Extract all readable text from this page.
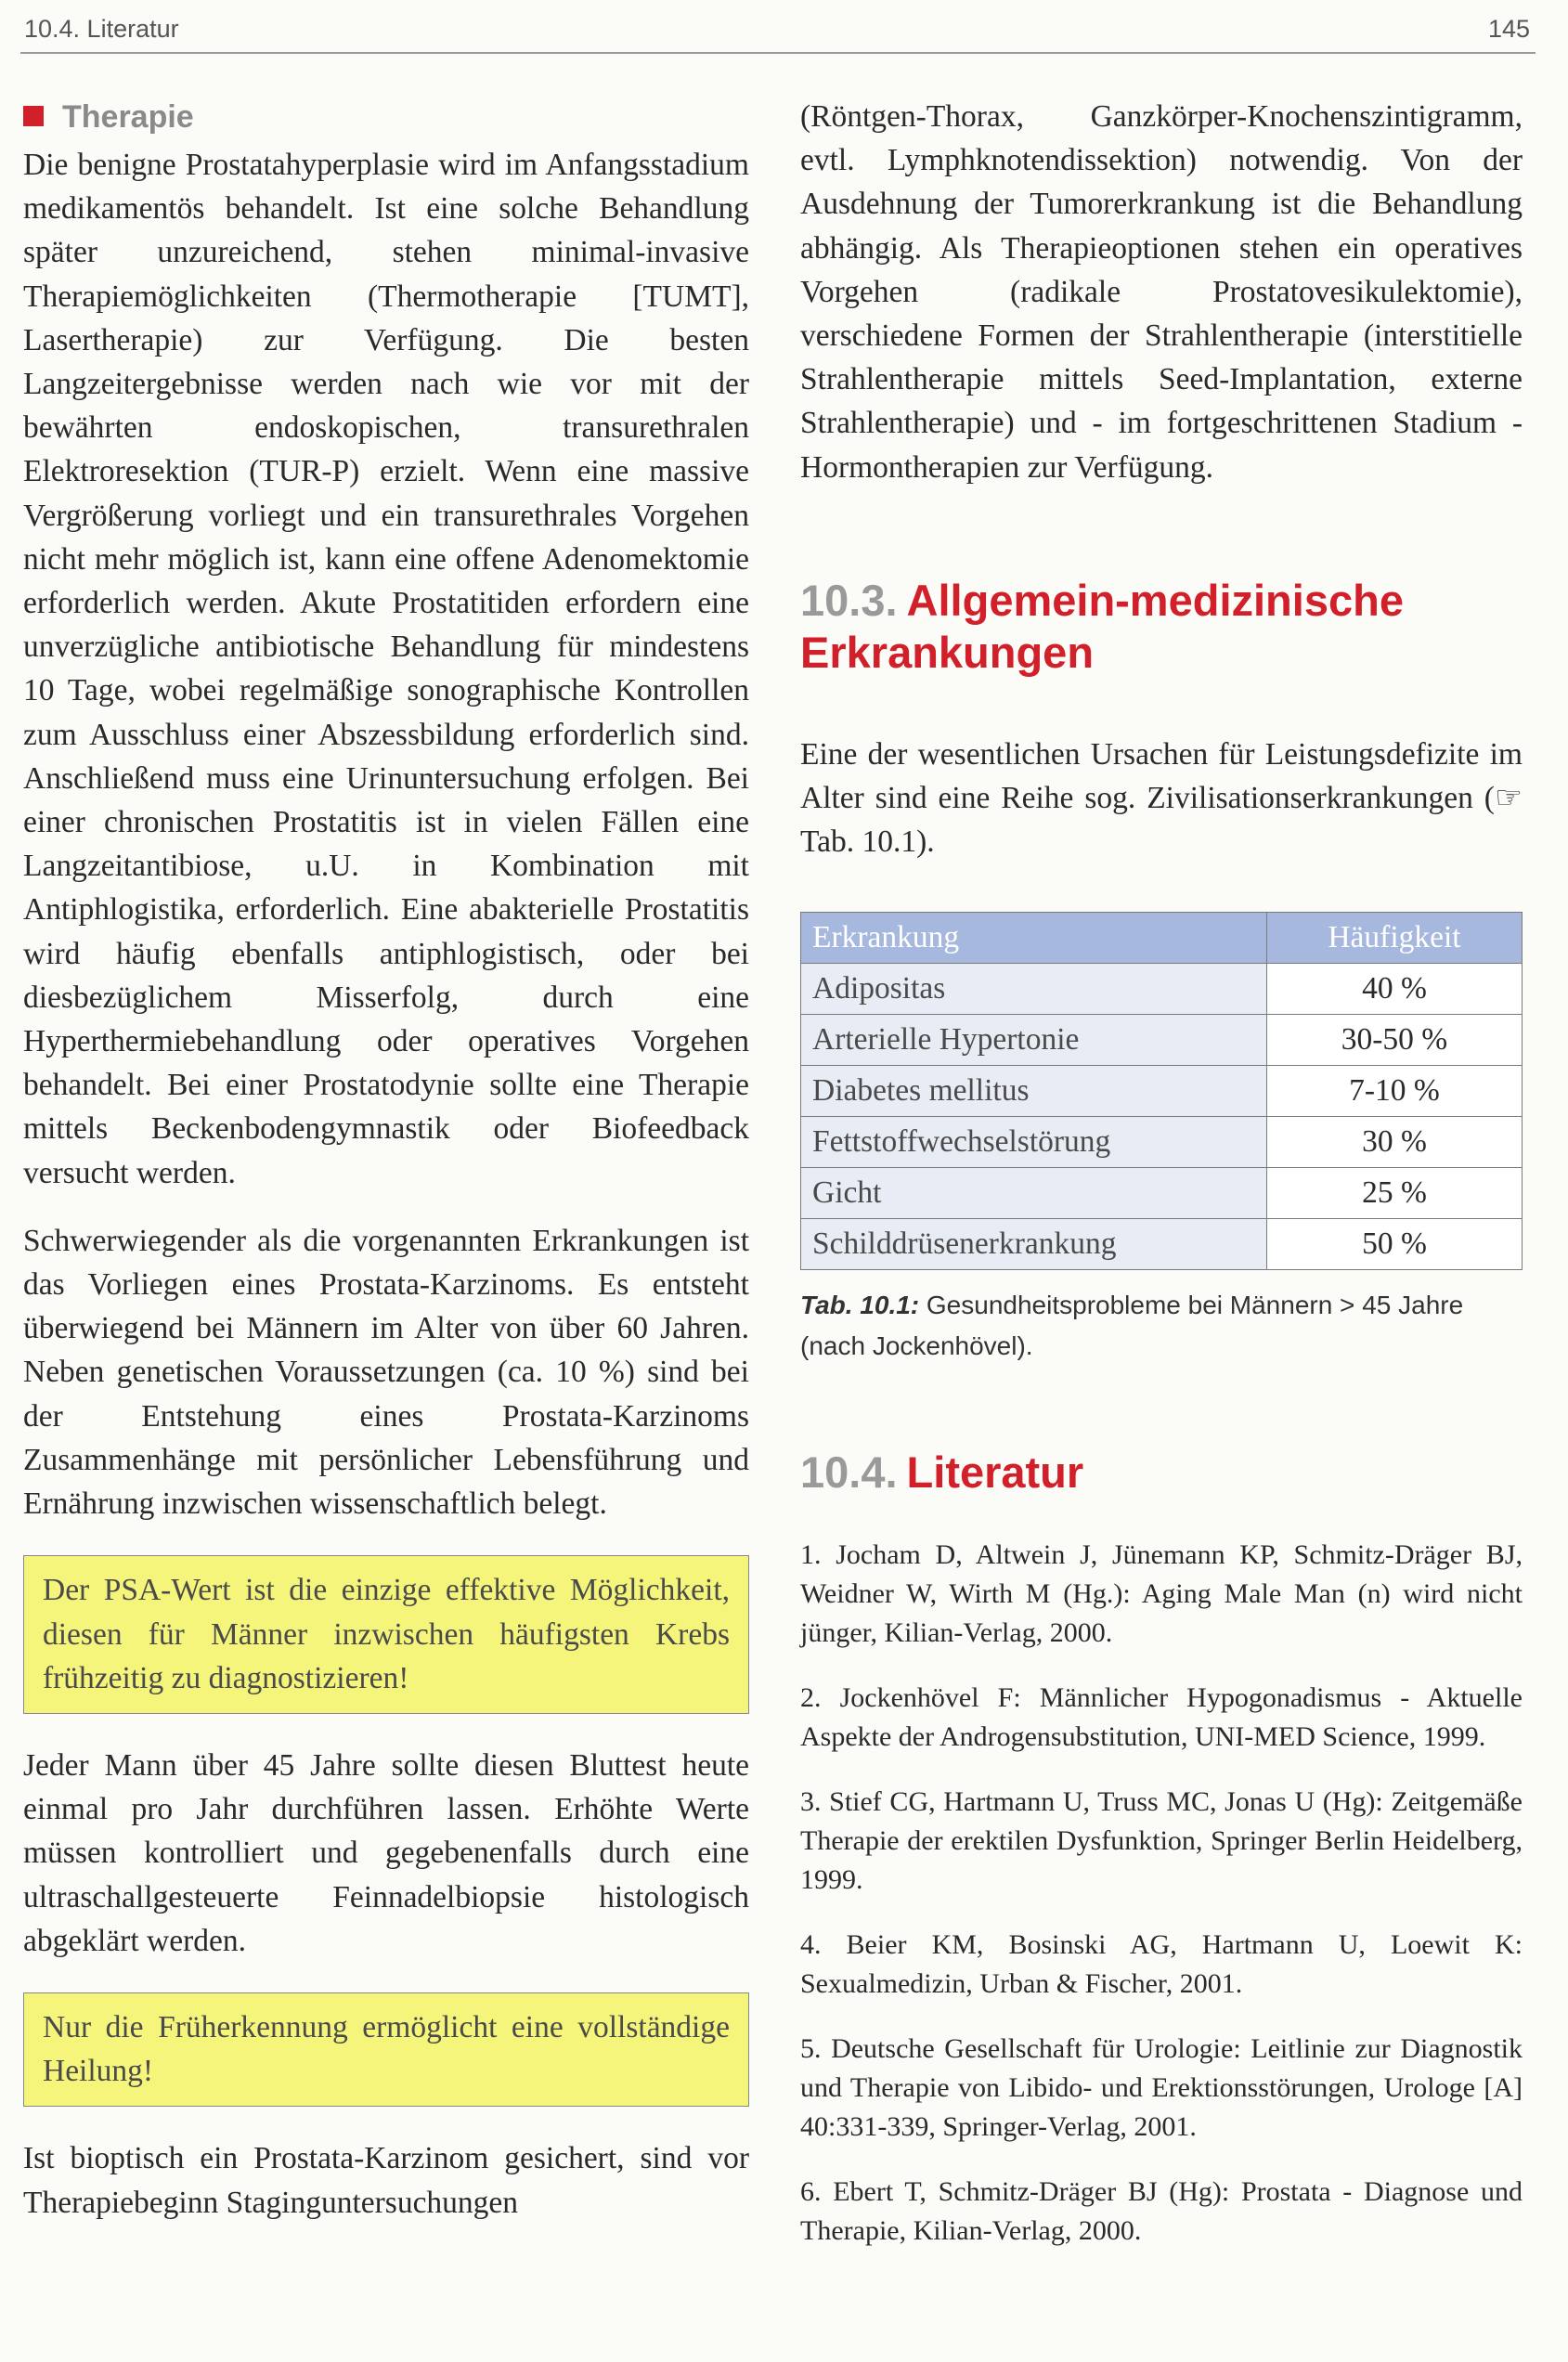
10.4. Literatur	145
Therapie

Die benigne Prostatahyperplasie wird im Anfangsstadium medikamentös behandelt. Ist eine solche Behandlung später unzureichend, stehen minimal-invasive Therapiemöglichkeiten (Thermotherapie [TUMT], Lasertherapie) zur Verfügung. Die besten Langzeitergebnisse werden nach wie vor mit der bewährten endoskopischen, transurethralen Elektroresektion (TUR-P) erzielt. Wenn eine massive Vergrößerung vorliegt und ein transurethrales Vorgehen nicht mehr möglich ist, kann eine offene Adenomektomie erforderlich werden. Akute Prostatitiden erfordern eine unverzügliche antibiotische Behandlung für mindestens 10 Tage, wobei regelmäßige sonographische Kontrollen zum Ausschluss einer Abszessbildung erforderlich sind. Anschließend muss eine Urinuntersuchung erfolgen. Bei einer chronischen Prostatitis ist in vielen Fällen eine Langzeitantibiose, u.U. in Kombination mit Antiphlogistika, erforderlich. Eine abakterielle Prostatitis wird häufig ebenfalls antiphlogistisch, oder bei diesbezüglichem Misserfolg, durch eine Hyperthermiebehandlung oder operatives Vorgehen behandelt. Bei einer Prostatodynie sollte eine Therapie mittels Beckenbodengymnastik oder Biofeedback versucht werden.

Schwerwiegender als die vorgenannten Erkrankungen ist das Vorliegen eines Prostata-Karzinoms. Es entsteht überwiegend bei Männern im Alter von über 60 Jahren. Neben genetischen Voraussetzungen (ca. 10 %) sind bei der Entstehung eines Prostata-Karzinoms Zusammenhänge mit persönlicher Lebensführung und Ernährung inzwischen wissenschaftlich belegt.

Der PSA-Wert ist die einzige effektive Möglichkeit, diesen für Männer inzwischen häufigsten Krebs frühzeitig zu diagnostizieren!

Jeder Mann über 45 Jahre sollte diesen Bluttest heute einmal pro Jahr durchführen lassen. Erhöhte Werte müssen kontrolliert und gegebenenfalls durch eine ultraschallgesteuerte Feinnadelbiopsie histologisch abgeklärt werden.

Nur die Früherkennung ermöglicht eine vollständige Heilung!

Ist bioptisch ein Prostata-Karzinom gesichert, sind vor Therapiebeginn Staginguntersuchungen

(Röntgen-Thorax, Ganzkörper-Knochenszintigramm, evtl. Lymphknotendissektion) notwendig. Von der Ausdehnung der Tumorerkrankung ist die Behandlung abhängig. Als Therapieoptionen stehen ein operatives Vorgehen (radikale Prostatovesikulektomie), verschiedene Formen der Strahlentherapie (interstitielle Strahlentherapie mittels Seed-Implantation, externe Strahlentherapie) und - im fortgeschrittenen Stadium - Hormontherapien zur Verfügung.

10.3. Allgemein-medizinische Erkrankungen

Eine der wesentlichen Ursachen für Leistungsdefizite im Alter sind eine Reihe sog. Zivilisationserkrankungen (☞ Tab. 10.1).

Erkrankung	Häufigkeit
Adipositas	40 %
Arterielle Hypertonie	30-50 %
Diabetes mellitus	7-10 %
Fettstoffwechselstörung	30 %
Gicht	25 %
Schilddrüsenerkrankung	50 %
Tab. 10.1: Gesundheitsprobleme bei Männern > 45 Jahre (nach Jockenhövel).
10.4. Literatur

1. Jocham D, Altwein J, Jünemann KP, Schmitz-Dräger BJ, Weidner W, Wirth M (Hg.): Aging Male Man (n) wird nicht jünger, Kilian-Verlag, 2000.

2. Jockenhövel F: Männlicher Hypogonadismus - Aktuelle Aspekte der Androgensubstitution, UNI-MED Science, 1999.

3. Stief CG, Hartmann U, Truss MC, Jonas U (Hg): Zeitgemäße Therapie der erektilen Dysfunktion, Springer Berlin Heidelberg, 1999.

4. Beier KM, Bosinski AG, Hartmann U, Loewit K: Sexualmedizin, Urban & Fischer, 2001.

5. Deutsche Gesellschaft für Urologie: Leitlinie zur Diagnostik und Therapie von Libido- und Erektionsstörungen, Urologe [A] 40:331-339, Springer-Verlag, 2001.

6. Ebert T, Schmitz-Dräger BJ (Hg): Prostata - Diagnose und Therapie, Kilian-Verlag, 2000.
